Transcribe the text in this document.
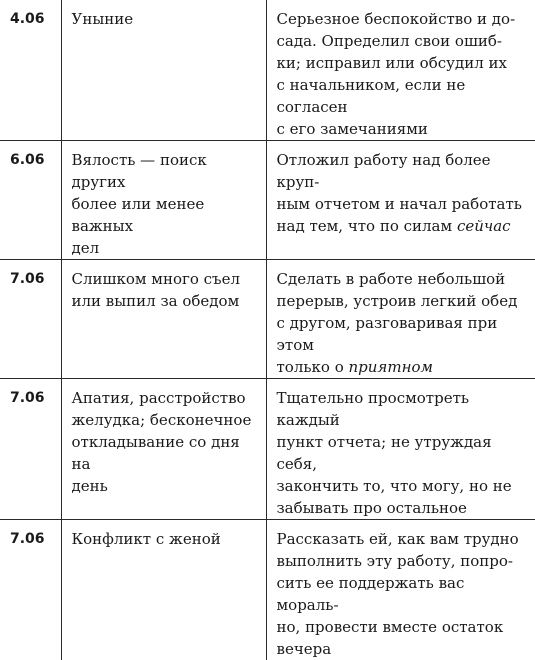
4.06	Уныние	Серьезное беспокойство и до-
сада. Определил свои ошиб-
ки; исправил или обсудил их
с начальником, если не согласен
с его замечаниями

6.06	Вялость — поиск других
более или менее важных
дел	Отложил работу над более круп-
ным отчетом и начал работать
над тем, что по силам сейчас

7.06	Слишком много съел
или выпил за обедом	Сделать в работе небольшой
перерыв, устроив легкий обед
с другом, разговаривая при этом
только о приятном

7.06	Апатия, расстройство
желудка; бесконечное
откладывание со дня на
день	Тщательно просмотреть каждый
пункт отчета; не утруждая себя,
закончить то, что могу, но не
забывать про остальное

7.06	Конфликт с женой	Рассказать ей, как вам трудно
выполнить эту работу, попро-
сить ее поддержать вас мораль-
но, провести вместе остаток
вечера
